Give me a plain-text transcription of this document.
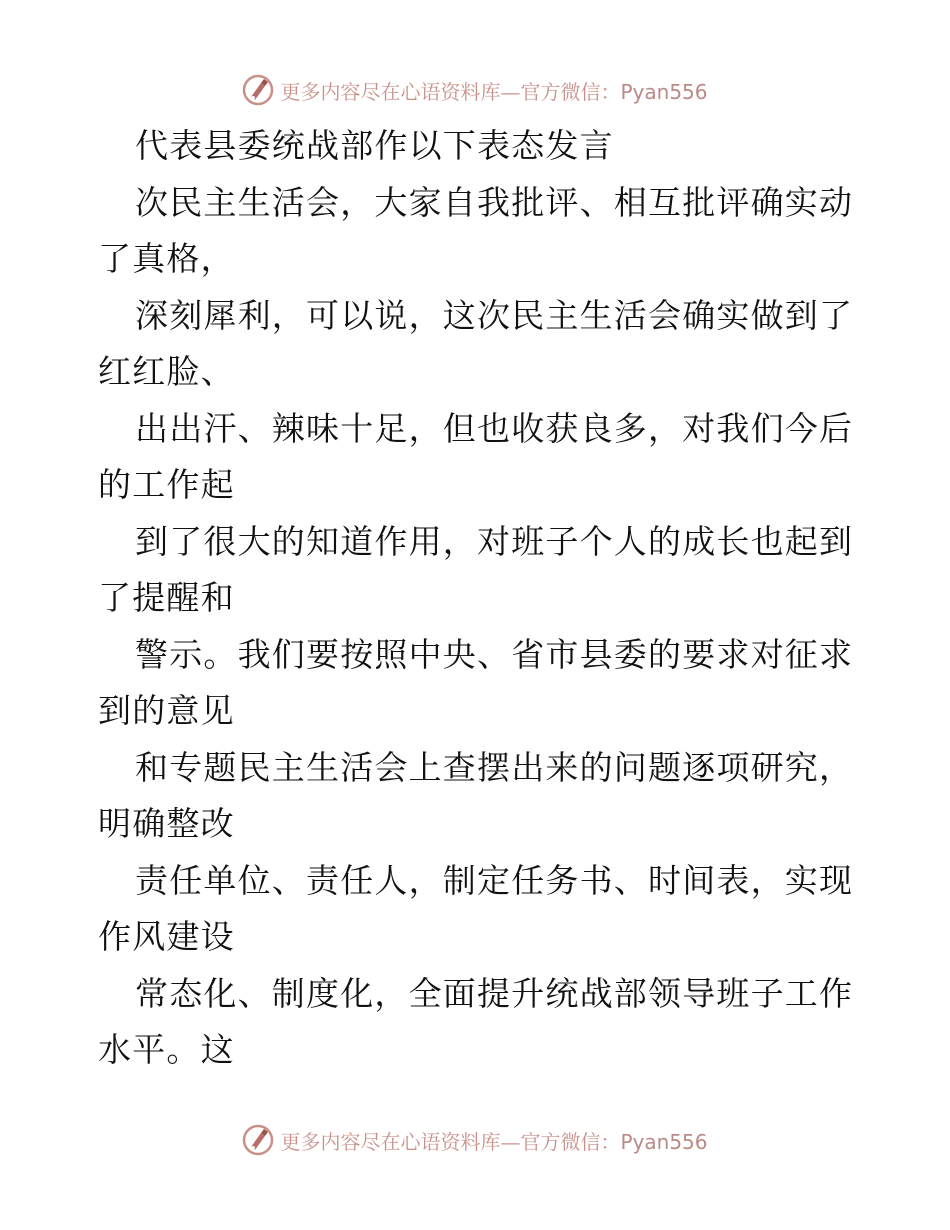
更多内容尽在心语资料库—官方微信：Pyan556
代表县委统战部作以下表态发言
次民主生活会，大家自我批评、相互批评确实动
了真格，
深刻犀利，可以说，这次民主生活会确实做到了
红红脸、
出出汗、辣味十足，但也收获良多，对我们今后
的工作起
到了很大的知道作用，对班子个人的成长也起到
了提醒和
警示。我们要按照中央、省市县委的要求对征求
到的意见
和专题民主生活会上查摆出来的问题逐项研究，
明确整改
责任单位、责任人，制定任务书、时间表，实现
作风建设
常态化、制度化，全面提升统战部领导班子工作
水平。这
更多内容尽在心语资料库—官方微信：Pyan556
